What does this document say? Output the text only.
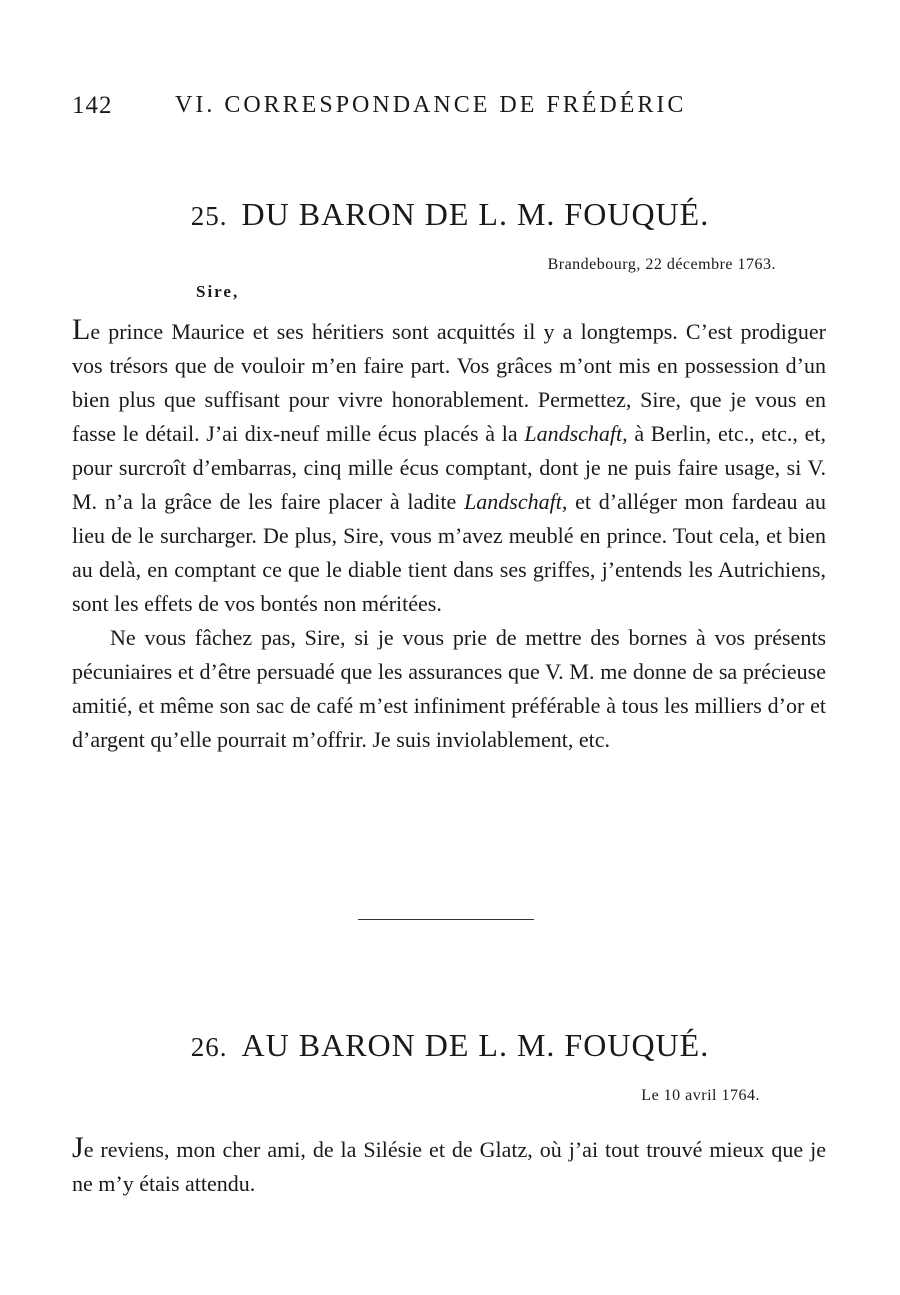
142	VI. CORRESPONDANCE DE FRÉDÉRIC
25. DU BARON DE L. M. FOUQUÉ.
Brandebourg, 22 décembre 1763.
Sire,

Le prince Maurice et ses héritiers sont acquittés il y a longtemps. C’est prodiguer vos trésors que de vouloir m’en faire part. Vos grâces m’ont mis en possession d’un bien plus que suffisant pour vivre honorablement. Permettez, Sire, que je vous en fasse le détail. J’ai dix-neuf mille écus placés à la Landschaft, à Berlin, etc., etc., et, pour surcroît d’embarras, cinq mille écus comptant, dont je ne puis faire usage, si V. M. n’a la grâce de les faire placer à ladite Landschaft, et d’alléger mon fardeau au lieu de le surcharger. De plus, Sire, vous m’avez meublé en prince. Tout cela, et bien au delà, en comptant ce que le diable tient dans ses griffes, j’entends les Autrichiens, sont les effets de vos bontés non méritées.

Ne vous fâchez pas, Sire, si je vous prie de mettre des bornes à vos présents pécuniaires et d’être persuadé que les assurances que V. M. me donne de sa précieuse amitié, et même son sac de café m’est infiniment préférable à tous les milliers d’or et d’argent qu’elle pourrait m’offrir. Je suis inviolablement, etc.

26. AU BARON DE L. M. FOUQUÉ.
Le 10 avril 1764.

Je reviens, mon cher ami, de la Silésie et de Glatz, où j’ai tout trouvé mieux que je ne m’y étais attendu.
